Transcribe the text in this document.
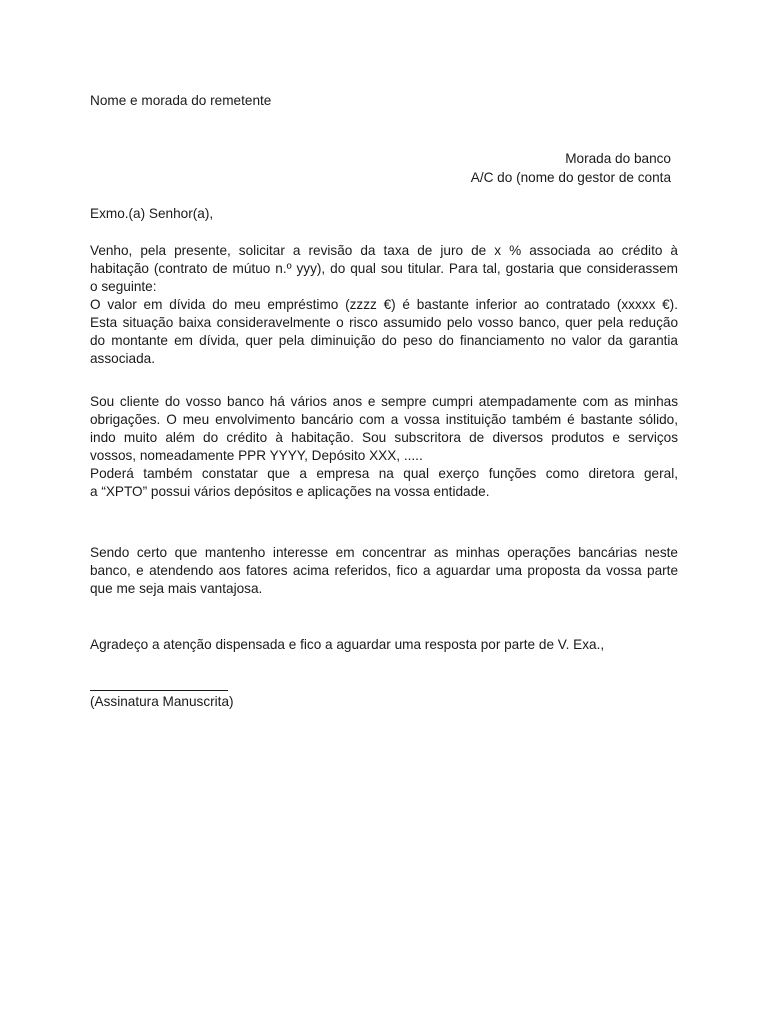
Nome e morada do remetente
Morada do banco
A/C do (nome do gestor de conta
Exmo.(a) Senhor(a),
Venho, pela presente, solicitar a revisão da taxa de juro de x % associada ao crédito à
habitação (contrato de mútuo n.º yyy), do qual sou titular. Para tal, gostaria que considerassem
o seguinte:
O valor em dívida do meu empréstimo (zzzz €) é bastante inferior ao contratado (xxxxx €).
Esta situação baixa consideravelmente o risco assumido pelo vosso banco, quer pela redução
do montante em dívida, quer pela diminuição do peso do financiamento no valor da garantia
associada.
Sou cliente do vosso banco há vários anos e sempre cumpri atempadamente com as minhas
obrigações. O meu envolvimento bancário com a vossa instituição também é bastante sólido,
indo muito além do crédito à habitação. Sou subscritora de diversos produtos e serviços
vossos, nomeadamente PPR YYYY, Depósito XXX, .....
Poderá também constatar que a empresa na qual exerço funções como diretora geral,
a “XPTO” possui vários depósitos e aplicações na vossa entidade.
Sendo certo que mantenho interesse em concentrar as minhas operações bancárias neste
banco, e atendendo aos fatores acima referidos, fico a aguardar uma proposta da vossa parte
que me seja mais vantajosa.
Agradeço a atenção dispensada e fico a aguardar uma resposta por parte de V. Exa.,
(Assinatura Manuscrita)
